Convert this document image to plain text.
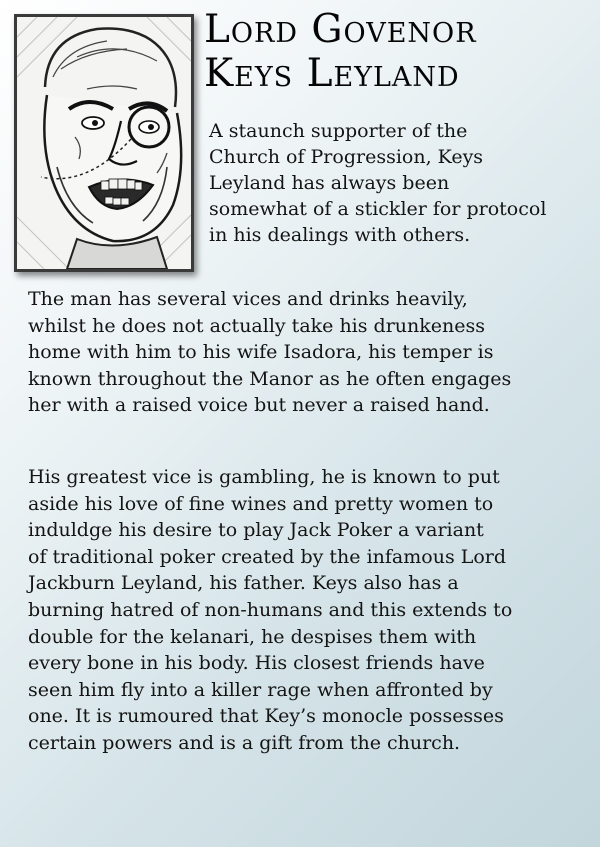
Lord Govenor
Keys Leyland

A staunch supporter of the
Church of Progression, Keys
Leyland has always been
somewhat of a stickler for protocol
in his dealings with others.

The man has several vices and drinks heavily,
whilst he does not actually take his drunkeness
home with him to his wife Isadora, his temper is
known throughout the Manor as he often engages
her with a raised voice but never a raised hand.

His greatest vice is gambling, he is known to put
aside his love of fine wines and pretty women to
induldge his desire to play Jack Poker a variant
of traditional poker created by the infamous Lord
Jackburn Leyland, his father. Keys also has a
burning hatred of non-humans and this extends to
double for the kelanari, he despises them with
every bone in his body. His closest friends have
seen him fly into a killer rage when affronted by
one. It is rumoured that Key’s monocle possesses
certain powers and is a gift from the church.
